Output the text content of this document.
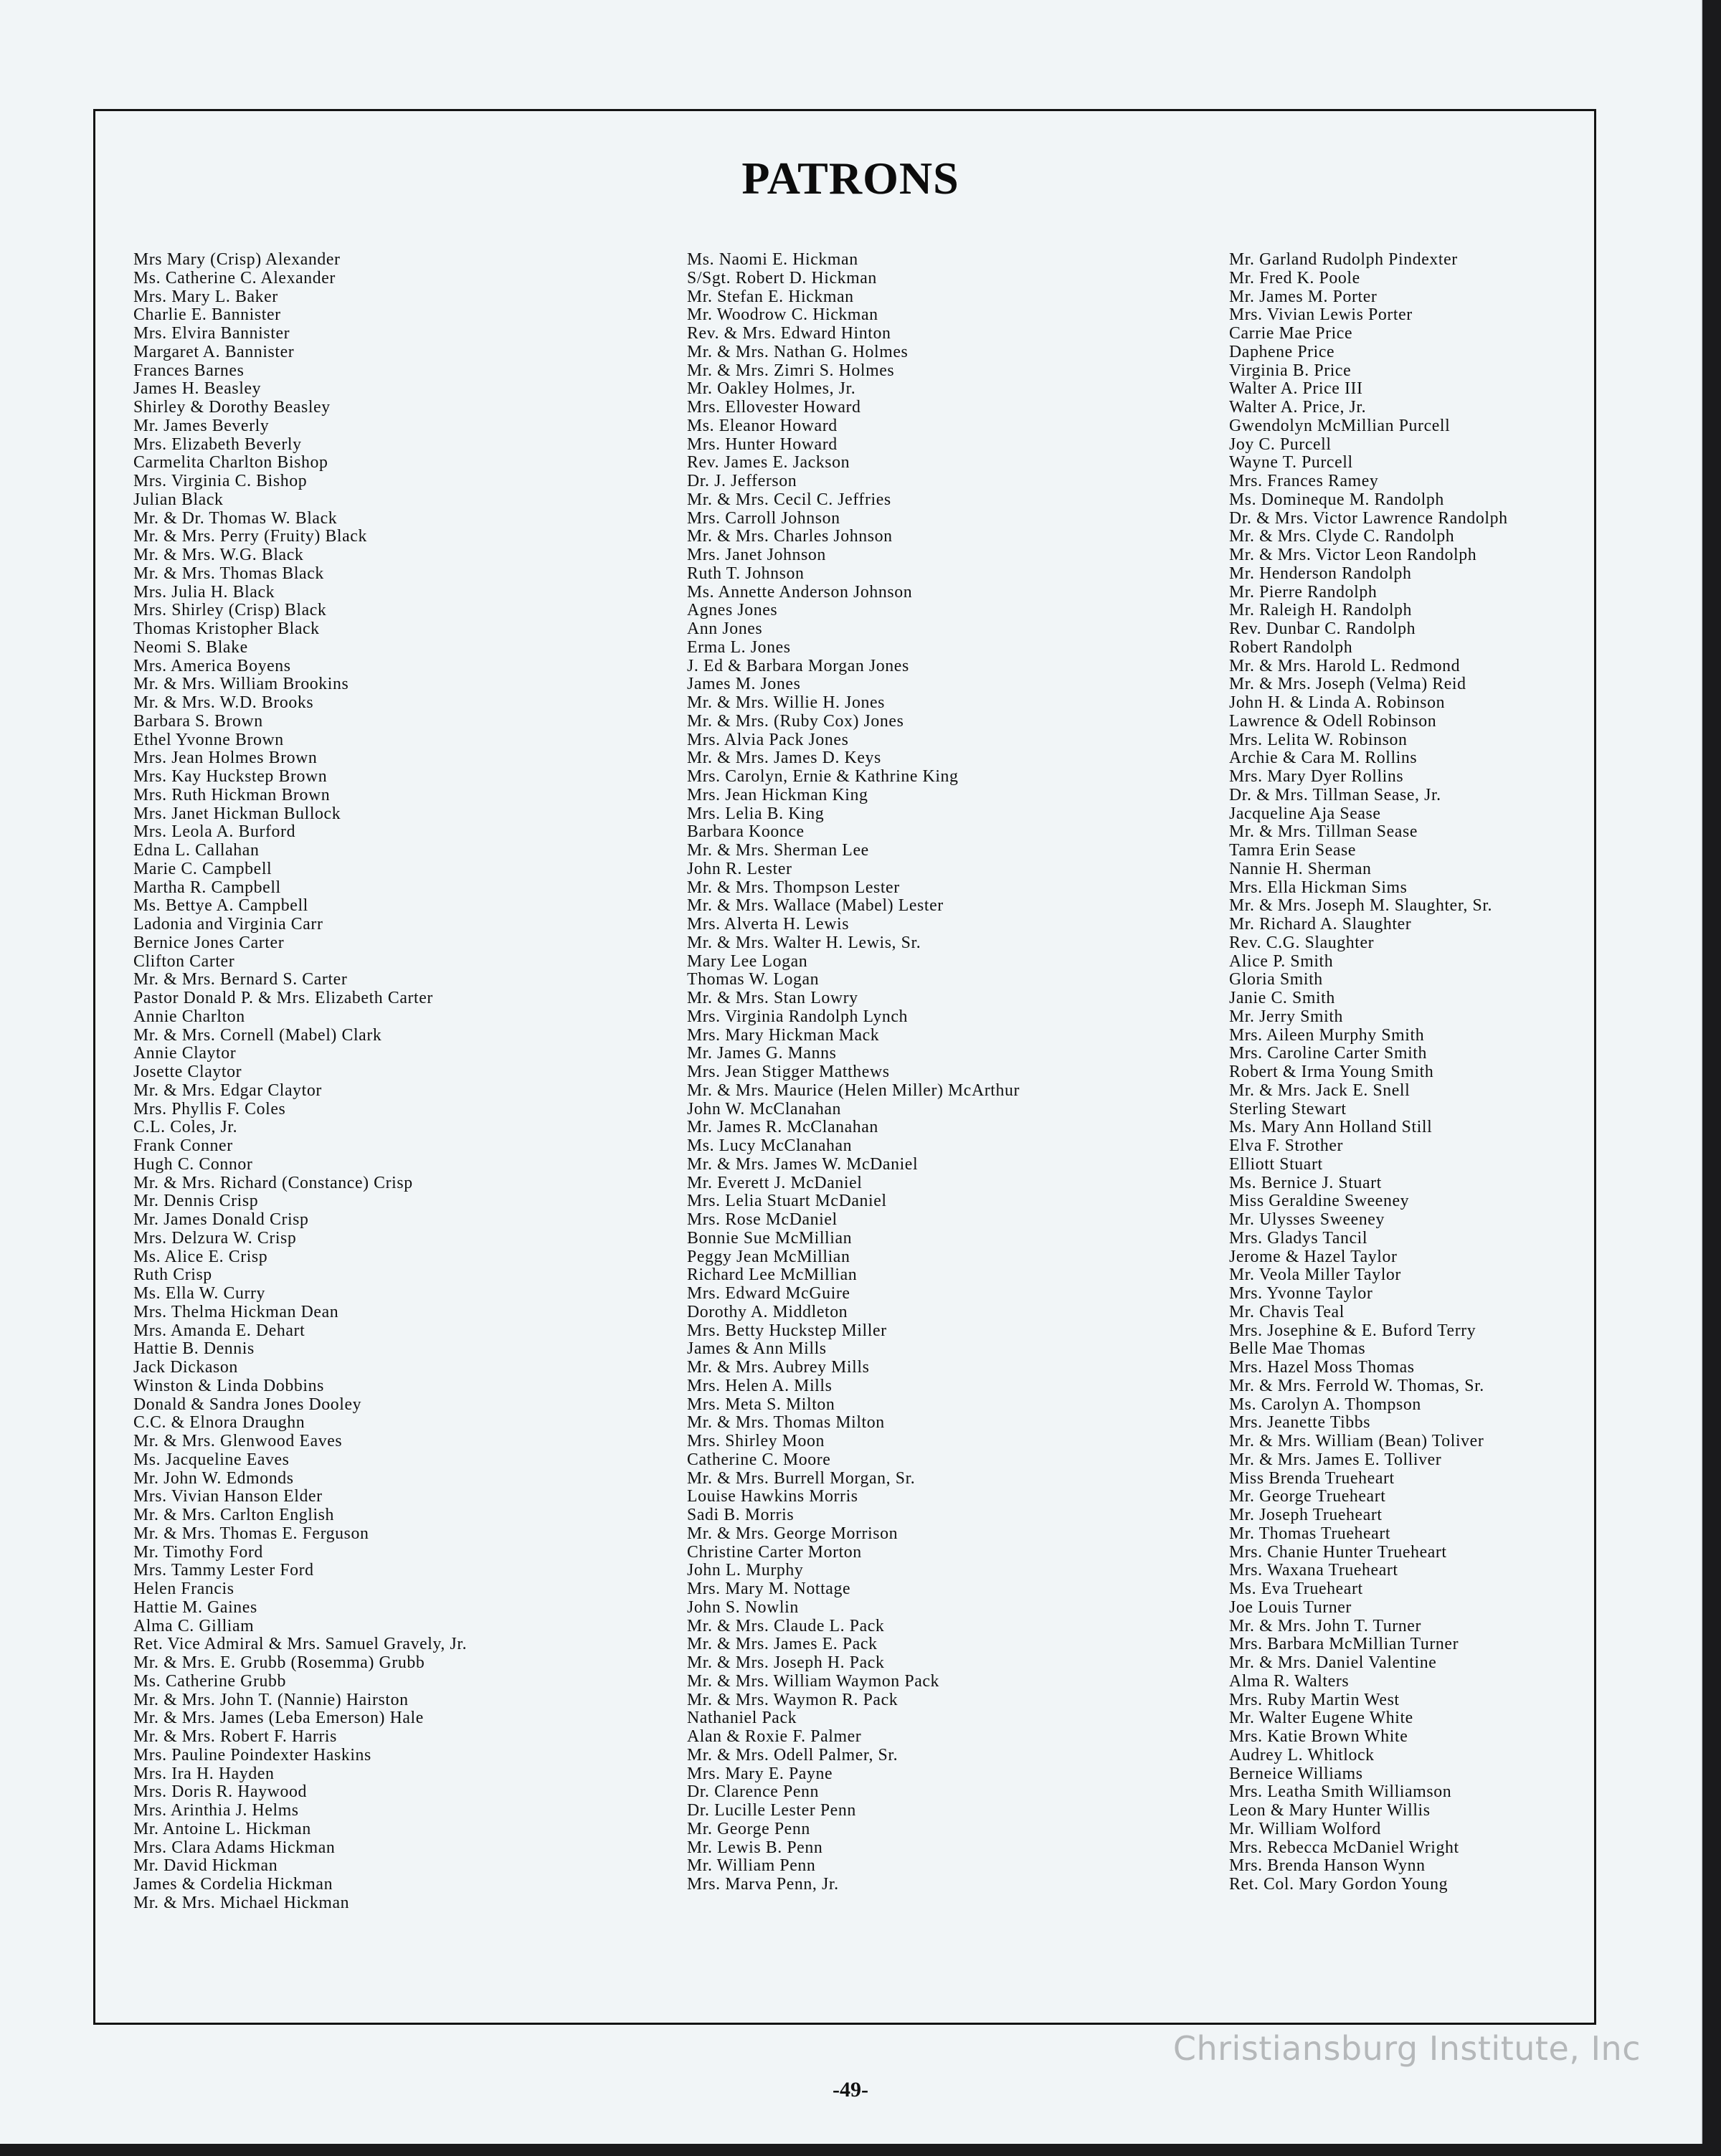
PATRONS
Mrs Mary (Crisp) Alexander
Ms. Catherine C. Alexander
Mrs. Mary L. Baker
Charlie E. Bannister
Mrs. Elvira Bannister
Margaret A. Bannister
Frances Barnes
James H. Beasley
Shirley & Dorothy Beasley
Mr. James Beverly
Mrs. Elizabeth Beverly
Carmelita Charlton Bishop
Mrs. Virginia C. Bishop
Julian Black
Mr. & Dr. Thomas W. Black
Mr. & Mrs. Perry (Fruity) Black
Mr. & Mrs. W.G. Black
Mr. & Mrs. Thomas Black
Mrs. Julia H. Black
Mrs. Shirley (Crisp) Black
Thomas Kristopher Black
Neomi S. Blake
Mrs. America Boyens
Mr. & Mrs. William Brookins
Mr. & Mrs. W.D. Brooks
Barbara S. Brown
Ethel Yvonne Brown
Mrs. Jean Holmes Brown
Mrs. Kay Huckstep Brown
Mrs. Ruth Hickman Brown
Mrs. Janet Hickman Bullock
Mrs. Leola A. Burford
Edna L. Callahan
Marie C. Campbell
Martha R. Campbell
Ms. Bettye A. Campbell
Ladonia and Virginia Carr
Bernice Jones Carter
Clifton Carter
Mr. & Mrs. Bernard S. Carter
Pastor Donald P. & Mrs. Elizabeth Carter
Annie Charlton
Mr. & Mrs. Cornell (Mabel) Clark
Annie Claytor
Josette Claytor
Mr. & Mrs. Edgar Claytor
Mrs. Phyllis F. Coles
C.L. Coles, Jr.
Frank Conner
Hugh C. Connor
Mr. & Mrs. Richard (Constance) Crisp
Mr. Dennis Crisp
Mr. James Donald Crisp
Mrs. Delzura W. Crisp
Ms. Alice E. Crisp
Ruth Crisp
Ms. Ella W. Curry
Mrs. Thelma Hickman Dean
Mrs. Amanda E. Dehart
Hattie B. Dennis
Jack Dickason
Winston & Linda Dobbins
Donald & Sandra Jones Dooley
C.C. & Elnora Draughn
Mr. & Mrs. Glenwood Eaves
Ms. Jacqueline Eaves
Mr. John W. Edmonds
Mrs. Vivian Hanson Elder
Mr. & Mrs. Carlton English
Mr. & Mrs. Thomas E. Ferguson
Mr. Timothy Ford
Mrs. Tammy Lester Ford
Helen Francis
Hattie M. Gaines
Alma C. Gilliam
Ret. Vice Admiral & Mrs. Samuel Gravely, Jr.
Mr. & Mrs. E. Grubb (Rosemma) Grubb
Ms. Catherine Grubb
Mr. & Mrs. John T. (Nannie) Hairston
Mr. & Mrs. James (Leba Emerson) Hale
Mr. & Mrs. Robert F. Harris
Mrs. Pauline Poindexter Haskins
Mrs. Ira H. Hayden
Mrs. Doris R. Haywood
Mrs. Arinthia J. Helms
Mr. Antoine L. Hickman
Mrs. Clara Adams Hickman
Mr. David Hickman
James & Cordelia Hickman
Mr. & Mrs. Michael Hickman
Ms. Naomi E. Hickman
S/Sgt. Robert D. Hickman
Mr. Stefan E. Hickman
Mr. Woodrow C. Hickman
Rev. & Mrs. Edward Hinton
Mr. & Mrs. Nathan G. Holmes
Mr. & Mrs. Zimri S. Holmes
Mr. Oakley Holmes, Jr.
Mrs. Ellovester Howard
Ms. Eleanor Howard
Mrs. Hunter Howard
Rev. James E. Jackson
Dr. J. Jefferson
Mr. & Mrs. Cecil C. Jeffries
Mrs. Carroll Johnson
Mr. & Mrs. Charles Johnson
Mrs. Janet Johnson
Ruth T. Johnson
Ms. Annette Anderson Johnson
Agnes Jones
Ann Jones
Erma L. Jones
J. Ed & Barbara Morgan Jones
James M. Jones
Mr. & Mrs. Willie H. Jones
Mr. & Mrs. (Ruby Cox) Jones
Mrs. Alvia Pack Jones
Mr. & Mrs. James D. Keys
Mrs. Carolyn, Ernie & Kathrine King
Mrs. Jean Hickman King
Mrs. Lelia B. King
Barbara Koonce
Mr. & Mrs. Sherman Lee
John R. Lester
Mr. & Mrs. Thompson Lester
Mr. & Mrs. Wallace (Mabel) Lester
Mrs. Alverta H. Lewis
Mr. & Mrs. Walter H. Lewis, Sr.
Mary Lee Logan
Thomas W. Logan
Mr. & Mrs. Stan Lowry
Mrs. Virginia Randolph Lynch
Mrs. Mary Hickman Mack
Mr. James G. Manns
Mrs. Jean Stigger Matthews
Mr. & Mrs. Maurice (Helen Miller) McArthur
John W. McClanahan
Mr. James R. McClanahan
Ms. Lucy McClanahan
Mr. & Mrs. James W. McDaniel
Mr. Everett J. McDaniel
Mrs. Lelia Stuart McDaniel
Mrs. Rose McDaniel
Bonnie Sue McMillian
Peggy Jean McMillian
Richard Lee McMillian
Mrs. Edward McGuire
Dorothy A. Middleton
Mrs. Betty Huckstep Miller
James & Ann Mills
Mr. & Mrs. Aubrey Mills
Mrs. Helen A. Mills
Mrs. Meta S. Milton
Mr. & Mrs. Thomas Milton
Mrs. Shirley Moon
Catherine C. Moore
Mr. & Mrs. Burrell Morgan, Sr.
Louise Hawkins Morris
Sadi B. Morris
Mr. & Mrs. George Morrison
Christine Carter Morton
John L. Murphy
Mrs. Mary M. Nottage
John S. Nowlin
Mr. & Mrs. Claude L. Pack
Mr. & Mrs. James E. Pack
Mr. & Mrs. Joseph H. Pack
Mr. & Mrs. William Waymon Pack
Mr. & Mrs. Waymon R. Pack
Nathaniel Pack
Alan & Roxie F. Palmer
Mr. & Mrs. Odell Palmer, Sr.
Mrs. Mary E. Payne
Dr. Clarence Penn
Dr. Lucille Lester Penn
Mr. George Penn
Mr. Lewis B. Penn
Mr. William Penn
Mrs. Marva Penn, Jr.
Mr. Garland Rudolph Pindexter
Mr. Fred K. Poole
Mr. James M. Porter
Mrs. Vivian Lewis Porter
Carrie Mae Price
Daphene Price
Virginia B. Price
Walter A. Price III
Walter A. Price, Jr.
Gwendolyn McMillian Purcell
Joy C. Purcell
Wayne T. Purcell
Mrs. Frances Ramey
Ms. Domineque M. Randolph
Dr. & Mrs. Victor Lawrence Randolph
Mr. & Mrs. Clyde C. Randolph
Mr. & Mrs. Victor Leon Randolph
Mr. Henderson Randolph
Mr. Pierre Randolph
Mr. Raleigh H. Randolph
Rev. Dunbar C. Randolph
Robert Randolph
Mr. & Mrs. Harold L. Redmond
Mr. & Mrs. Joseph (Velma) Reid
John H. & Linda A. Robinson
Lawrence & Odell Robinson
Mrs. Lelita W. Robinson
Archie & Cara M. Rollins
Mrs. Mary Dyer Rollins
Dr. & Mrs. Tillman Sease, Jr.
Jacqueline Aja Sease
Mr. & Mrs. Tillman Sease
Tamra Erin Sease
Nannie H. Sherman
Mrs. Ella Hickman Sims
Mr. & Mrs. Joseph M. Slaughter, Sr.
Mr. Richard A. Slaughter
Rev. C.G. Slaughter
Alice P. Smith
Gloria Smith
Janie C. Smith
Mr. Jerry Smith
Mrs. Aileen Murphy Smith
Mrs. Caroline Carter Smith
Robert & Irma Young Smith
Mr. & Mrs. Jack E. Snell
Sterling Stewart
Ms. Mary Ann Holland Still
Elva F. Strother
Elliott Stuart
Ms. Bernice J. Stuart
Miss Geraldine Sweeney
Mr. Ulysses Sweeney
Mrs. Gladys Tancil
Jerome & Hazel Taylor
Mr. Veola Miller Taylor
Mrs. Yvonne Taylor
Mr. Chavis Teal
Mrs. Josephine & E. Buford Terry
Belle Mae Thomas
Mrs. Hazel Moss Thomas
Mr. & Mrs. Ferrold W. Thomas, Sr.
Ms. Carolyn A. Thompson
Mrs. Jeanette Tibbs
Mr. & Mrs. William (Bean) Toliver
Mr. & Mrs. James E. Tolliver
Miss Brenda Trueheart
Mr. George Trueheart
Mr. Joseph Trueheart
Mr. Thomas Trueheart
Mrs. Chanie Hunter Trueheart
Mrs. Waxana Trueheart
Ms. Eva Trueheart
Joe Louis Turner
Mr. & Mrs. John T. Turner
Mrs. Barbara McMillian Turner
Mr. & Mrs. Daniel Valentine
Alma R. Walters
Mrs. Ruby Martin West
Mr. Walter Eugene White
Mrs. Katie Brown White
Audrey L. Whitlock
Berneice Williams
Mrs. Leatha Smith Williamson
Leon & Mary Hunter Willis
Mr. William Wolford
Mrs. Rebecca McDaniel Wright
Mrs. Brenda Hanson Wynn
Ret. Col. Mary Gordon Young
-49-
Christiansburg Institute, Inc
